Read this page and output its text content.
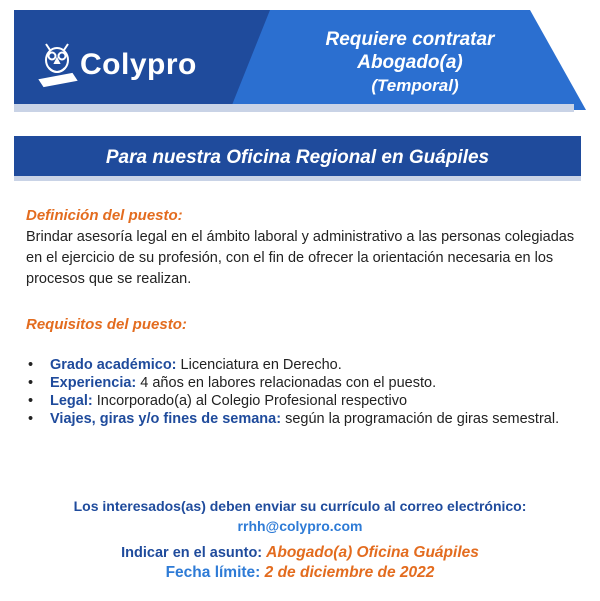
Colypro
Requiere contratar
Abogado(a)
(Temporal)
Para nuestra Oficina Regional en Guápiles
Definición del puesto:

Brindar asesoría legal en el ámbito laboral y administrativo a las personas colegiadas en el ejercicio de su profesión, con el fin de ofrecer la orientación necesaria en los procesos que se realizan.

Requisitos del puesto:
• Grado académico: Licenciatura en Derecho.
• Experiencia: 4 años en labores relacionadas con el puesto.
• Legal: Incorporado(a) al Colegio Profesional respectivo
• Viajes, giras y/o fines de semana: según la programación de giras semestral.
Los interesados(as) deben enviar su currículo al correo electrónico:
rrhh@colypro.com
Indicar en el asunto: Abogado(a) Oficina Guápiles
Fecha límite: 2 de diciembre de 2022
